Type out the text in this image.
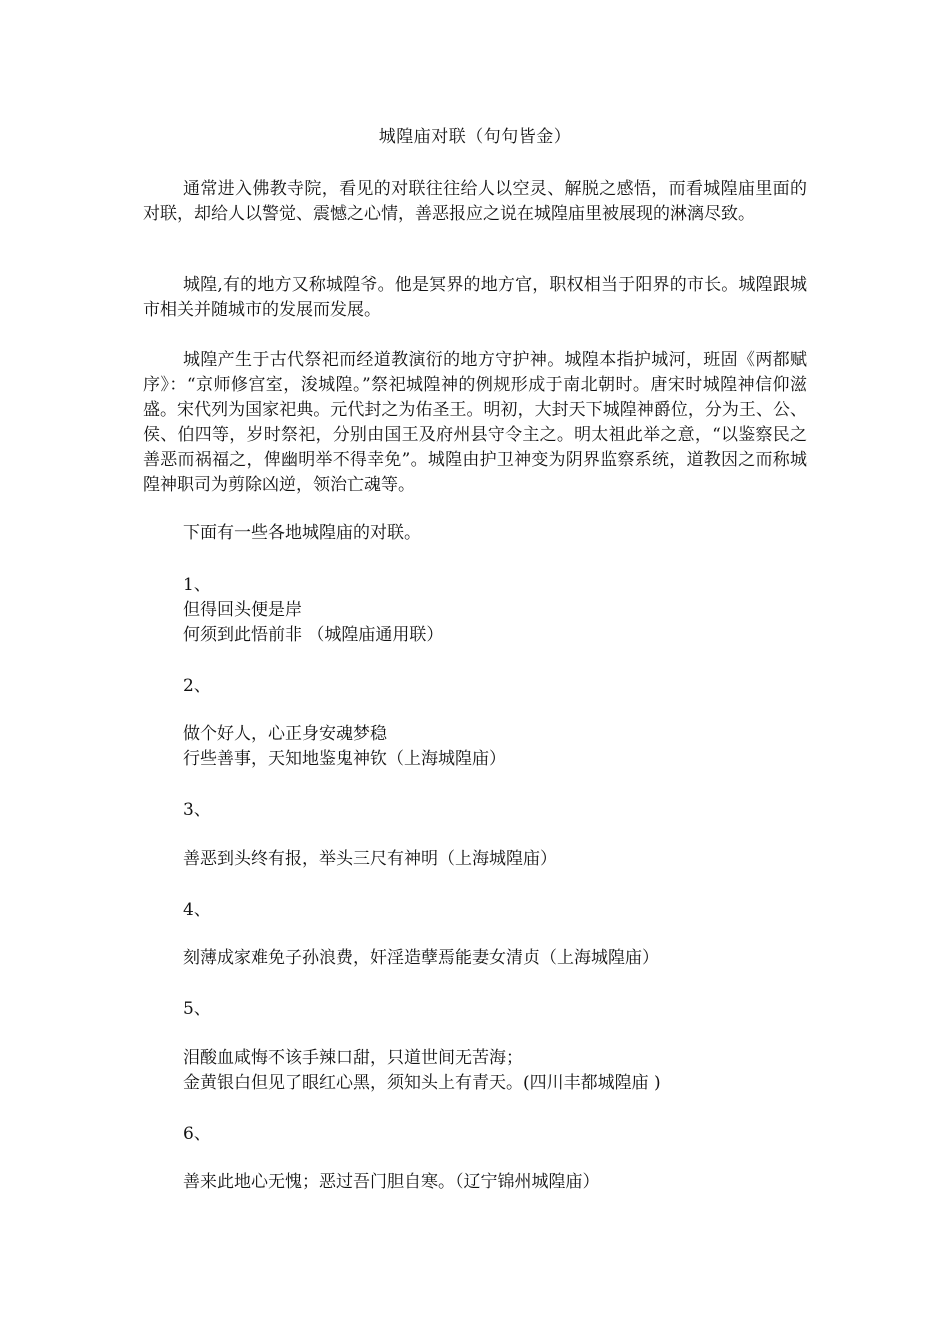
城隍庙对联（句句皆金）

通常进入佛教寺院，看见的对联往往给人以空灵、解脱之感悟，而看城隍庙里面的对联，却给人以警觉、震憾之心情，善恶报应之说在城隍庙里被展现的淋漓尽致。

城隍,有的地方又称城隍爷。他是冥界的地方官，职权相当于阳界的市长。城隍跟城市相关并随城市的发展而发展。

城隍产生于古代祭祀而经道教演衍的地方守护神。城隍本指护城河，班固《两都赋序》：“京师修宫室，浚城隍。”祭祀城隍神的例规形成于南北朝时。唐宋时城隍神信仰滋盛。宋代列为国家祀典。元代封之为佑圣王。明初，大封天下城隍神爵位，分为王、公、侯、伯四等，岁时祭祀，分别由国王及府州县守令主之。明太祖此举之意，“以鉴察民之善恶而祸福之，俾幽明举不得幸免”。城隍由护卫神变为阴界监察系统，道教因之而称城隍神职司为剪除凶逆，领治亡魂等。

下面有一些各地城隍庙的对联。

1、

但得回头便是岸

何须到此悟前非 （城隍庙通用联）

2、

做个好人，心正身安魂梦稳

行些善事，天知地鉴鬼神钦（上海城隍庙）

3、

善恶到头终有报，举头三尺有神明（上海城隍庙）

4、

刻薄成家难免子孙浪费，奸淫造孽焉能妻女清贞（上海城隍庙）

5、

泪酸血咸悔不该手辣口甜，只道世间无苦海；

金黄银白但见了眼红心黑，须知头上有青天。(四川丰都城隍庙 )

6、

善来此地心无愧；恶过吾门胆自寒。（辽宁锦州城隍庙）
